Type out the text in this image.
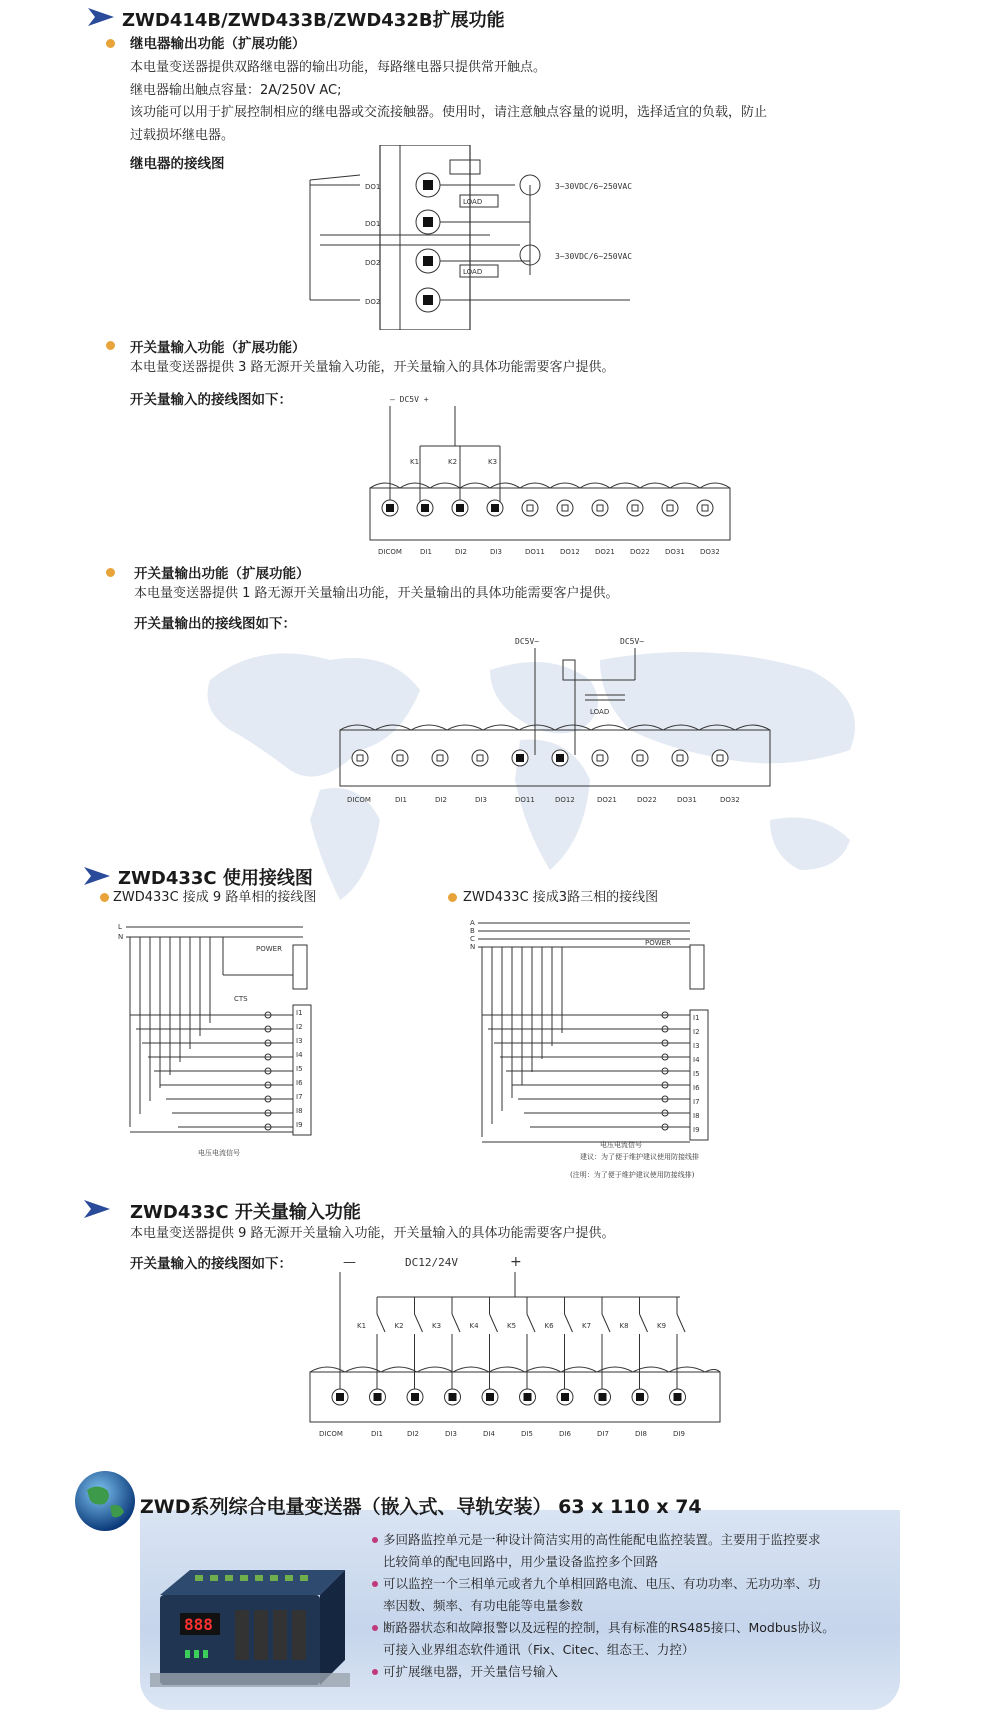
ZWD414B/ZWD433B/ZWD432B扩展功能
继电器输出功能（扩展功能）
本电量变送器提供双路继电器的输出功能，每路继电器只提供常开触点。
继电器输出触点容量：2A/250V AC;
该功能可以用于扩展控制相应的继电器或交流接触器。使用时，请注意触点容量的说明，选择适宜的负载，防止
过载损坏继电器。
继电器的接线图
DO1
DO1
DO2
DO2
LOAD
LOAD
3~30VDC/6~250VAC
3~30VDC/6~250VAC
开关量输入功能（扩展功能）
本电量变送器提供 3 路无源开关量输入功能，开关量输入的具体功能需要客户提供。
开关量输入的接线图如下：	— DC5V +
K1	K2	K3
DICOM	DI1	DI2	DI3	DO11 DO12 DO21 DO22 DO31 DO32
开关量输出功能（扩展功能）
本电量变送器提供 1 路无源开关量输出功能，开关量输出的具体功能需要客户提供。
开关量输出的接线图如下：
DC5V~	DC5V~
LOAD
DICOM	DI1	DI2	DI3	DO11	DO12	DO21	DO22	DO31	DO32
ZWD433C 使用接线图
ZWD433C 接成 9 路单相的接线图	ZWD433C 接成3路三相的接线图
L
N
POWER
CTS
I1
I2
I3
I4
I5
I6
I7
I8
I9
电压电流信号
A
B
C
N	POWER
I1
I2
I3
I4
I5
I6
I7
I8
I9
电压电流信号
建议：为了便于维护建议使用防接线排
(注明：为了便于维护建议使用防接线排)
ZWD433C 开关量输入功能
本电量变送器提供 9 路无源开关量输入功能，开关量输入的具体功能需要客户提供。
开关量输入的接线图如下：	—	DC12/24V	+
K1	K2	K3	K4	K5	K6	K7	K8	K9
DICOM	DI1	DI2	DI3	DI4	DI5	DI6	DI7	DI8	DI9
ZWD系列综合电量变送器（嵌入式、导轨安装） 63 x 110 x 74
888
多回路监控单元是一种设计简洁实用的高性能配电监控装置。主要用于监控要求
比较简单的配电回路中，用少量设备监控多个回路
可以监控一个三相单元或者九个单相回路电流、电压、有功功率、无功功率、功
率因数、频率、有功电能等电量参数
断路器状态和故障报警以及远程的控制，具有标准的RS485接口、Modbus协议。
可接入业界组态软件通讯（Fix、Citec、组态王、力控）
可扩展继电器，开关量信号输入
